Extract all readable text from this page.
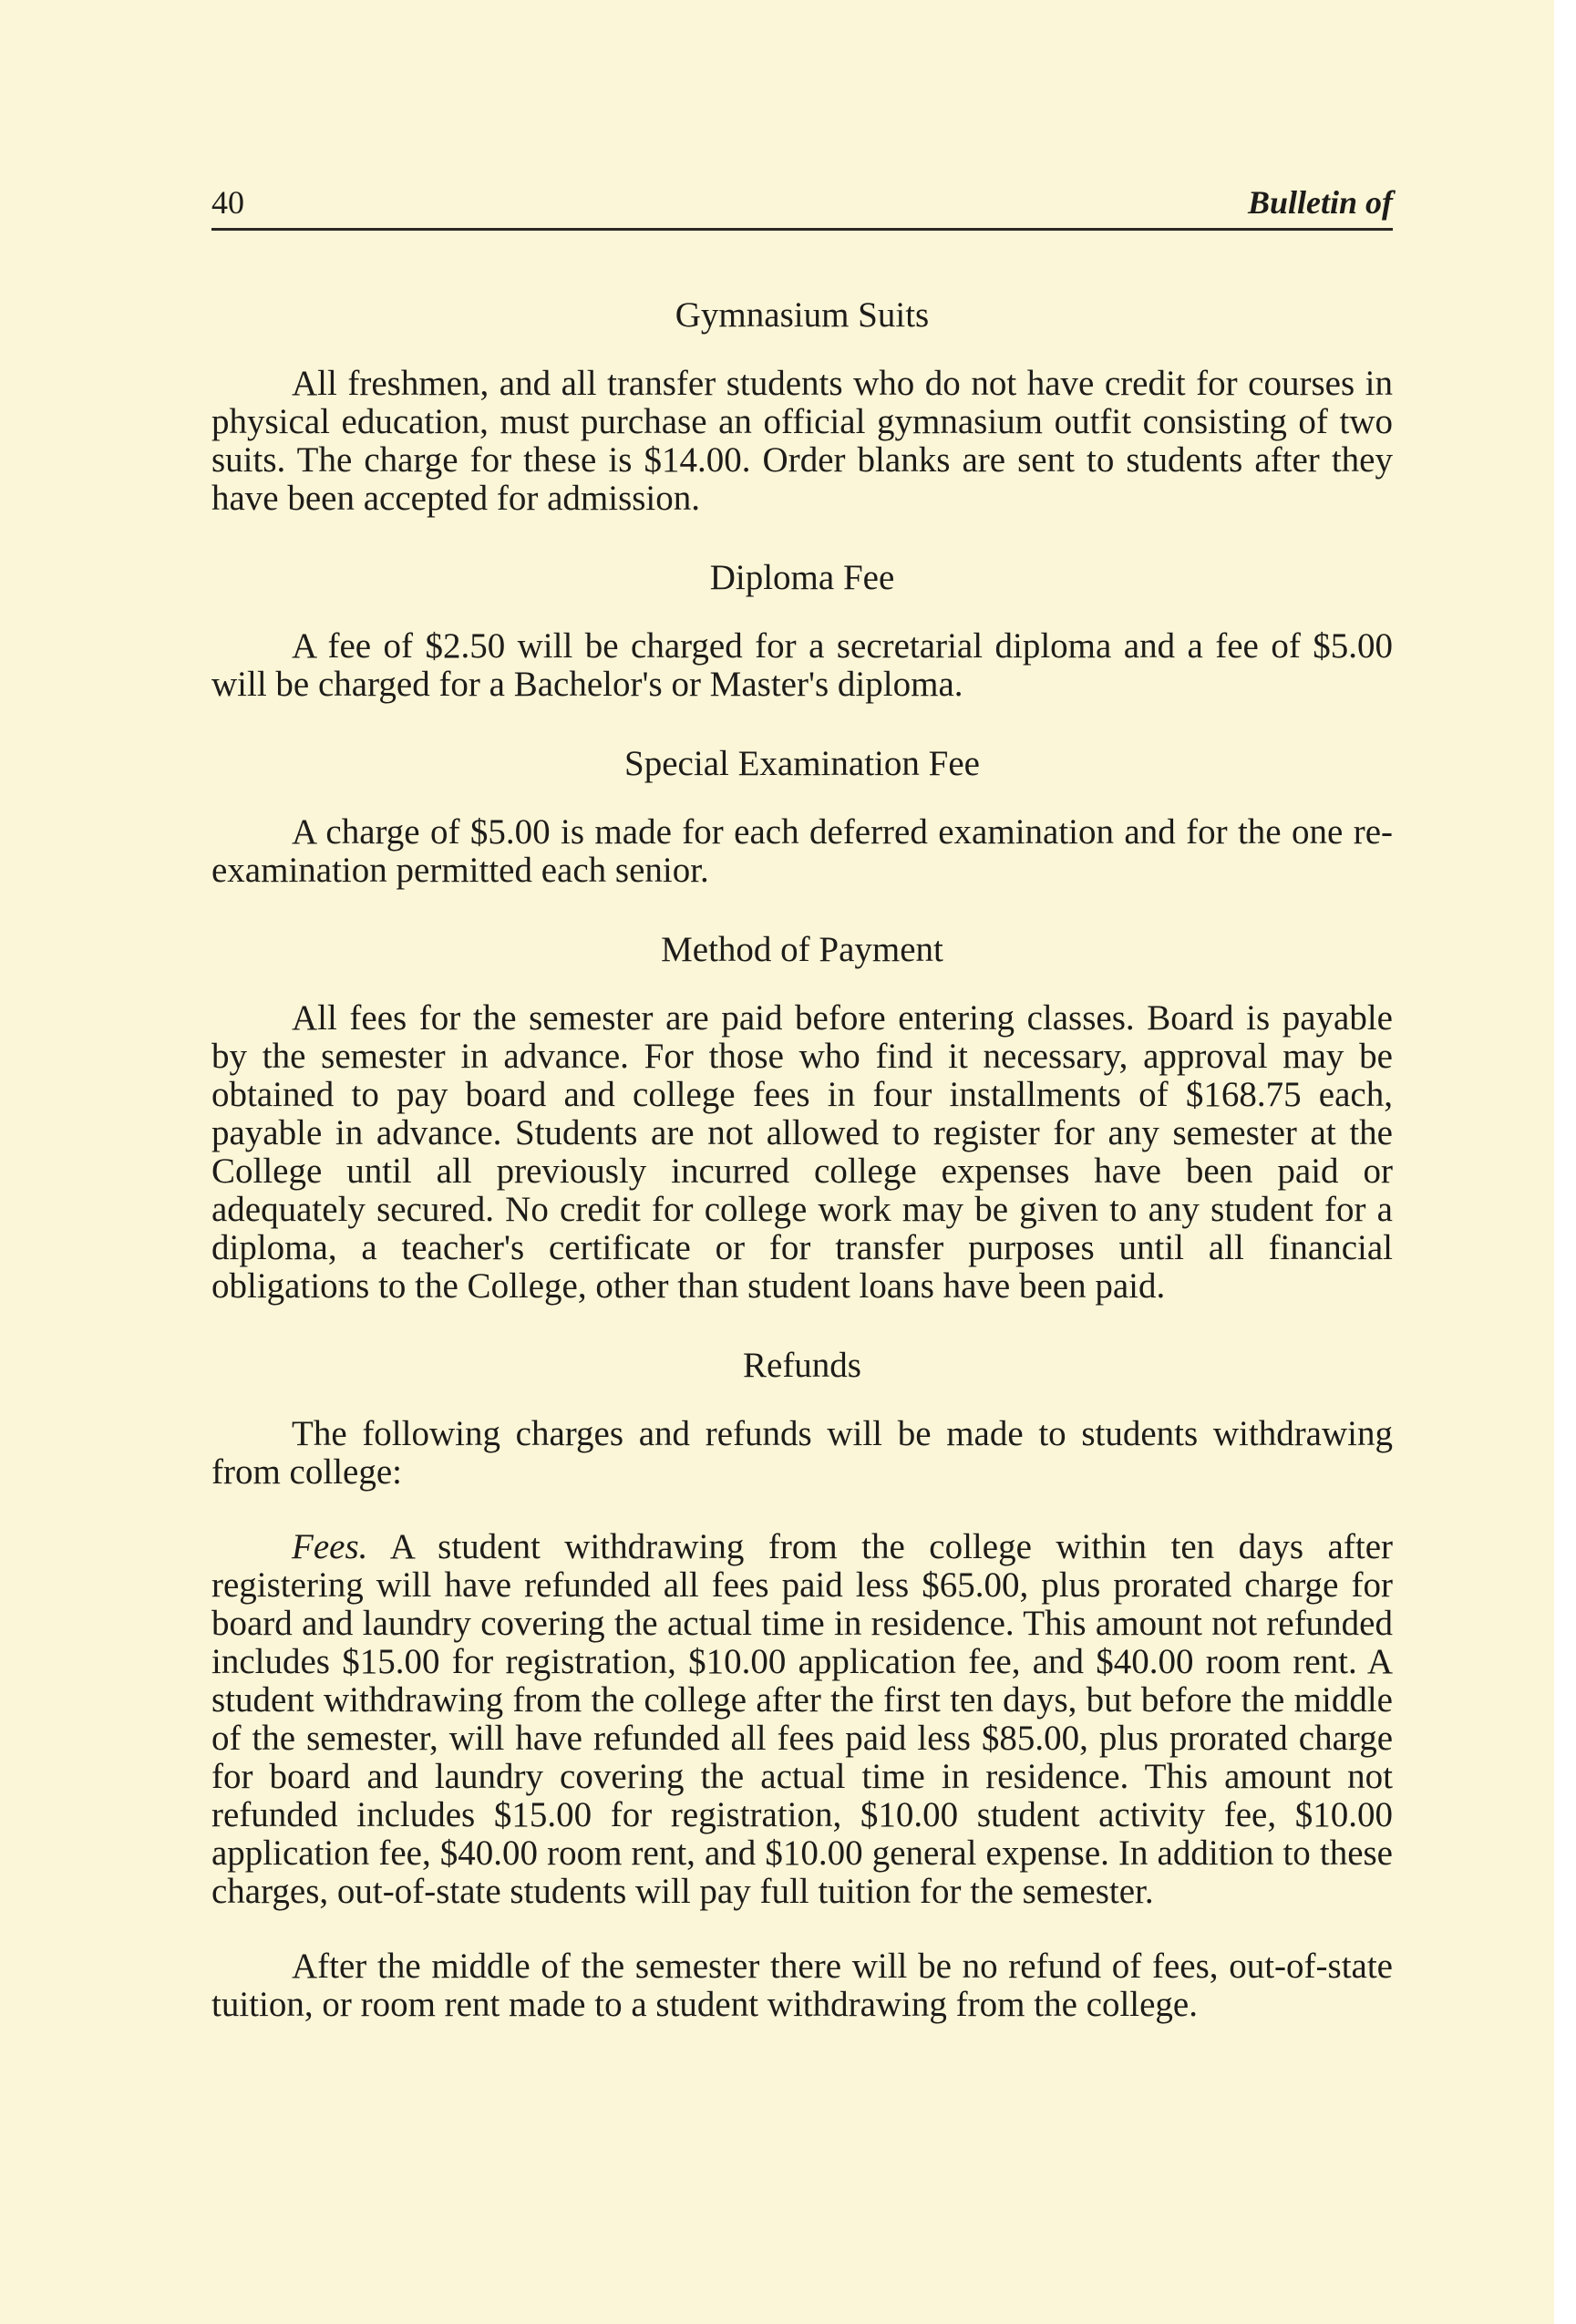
40	Bulletin of
Gymnasium Suits

All freshmen, and all transfer students who do not have credit for courses in physical education, must purchase an official gymnasium outfit consisting of two suits. The charge for these is $14.00. Order blanks are sent to students after they have been accepted for admission.

Diploma Fee

A fee of $2.50 will be charged for a secretarial diploma and a fee of $5.00 will be charged for a Bachelor's or Master's diploma.

Special Examination Fee

A charge of $5.00 is made for each deferred examination and for the one re-examination permitted each senior.

Method of Payment

All fees for the semester are paid before entering classes. Board is payable by the semester in advance. For those who find it necessary, approval may be obtained to pay board and college fees in four installments of $168.75 each, payable in advance. Students are not allowed to register for any semester at the College until all previously incurred college expenses have been paid or adequately secured. No credit for college work may be given to any student for a diploma, a teacher's certificate or for transfer purposes until all financial obligations to the College, other than student loans have been paid.

Refunds

The following charges and refunds will be made to students withdrawing from college:

Fees. A student withdrawing from the college within ten days after registering will have refunded all fees paid less $65.00, plus prorated charge for board and laundry covering the actual time in residence. This amount not refunded includes $15.00 for registration, $10.00 application fee, and $40.00 room rent. A student withdrawing from the college after the first ten days, but before the middle of the semester, will have refunded all fees paid less $85.00, plus prorated charge for board and laundry covering the actual time in residence. This amount not refunded includes $15.00 for registration, $10.00 student activity fee, $10.00 application fee, $40.00 room rent, and $10.00 general expense. In addition to these charges, out-of-state students will pay full tuition for the semester.

After the middle of the semester there will be no refund of fees, out-of-state tuition, or room rent made to a student withdrawing from the college.
